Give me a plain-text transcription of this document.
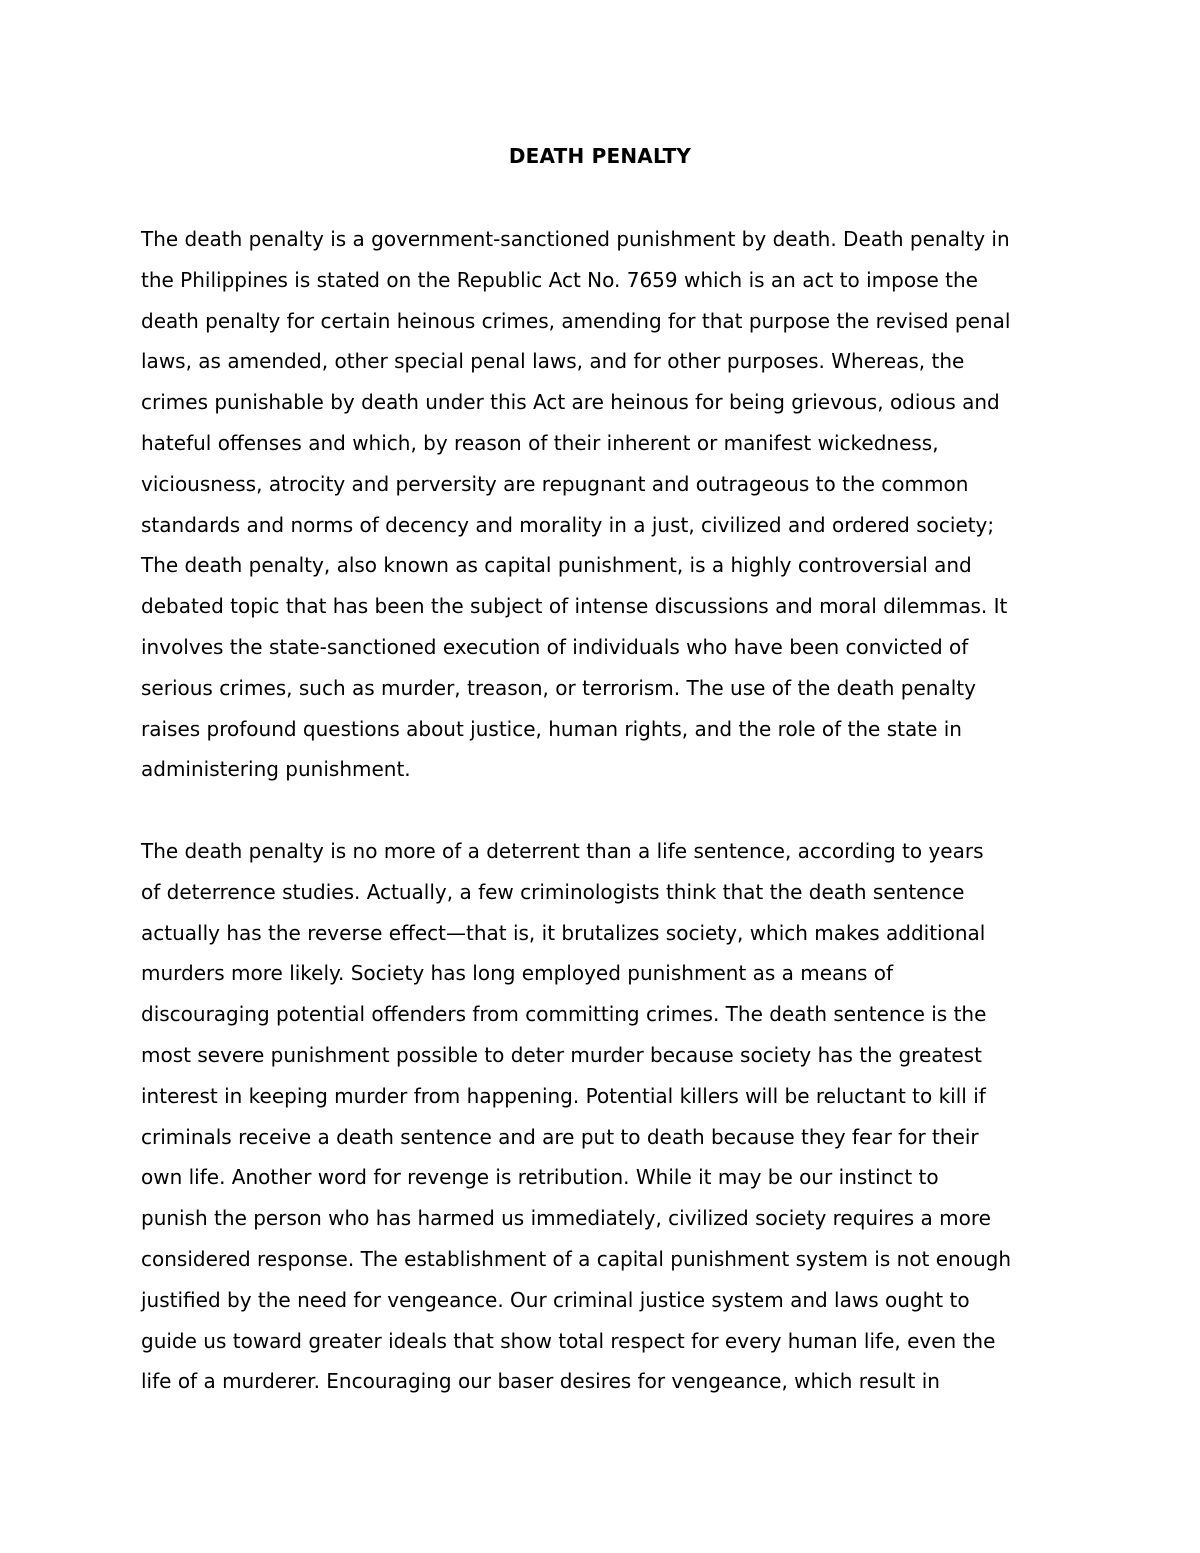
DEATH PENALTY
The death penalty is a government-sanctioned punishment by death. Death penalty in
the Philippines is stated on the Republic Act No. 7659 which is an act to impose the
death penalty for certain heinous crimes, amending for that purpose the revised penal
laws, as amended, other special penal laws, and for other purposes. Whereas, the
crimes punishable by death under this Act are heinous for being grievous, odious and
hateful offenses and which, by reason of their inherent or manifest wickedness,
viciousness, atrocity and perversity are repugnant and outrageous to the common
standards and norms of decency and morality in a just, civilized and ordered society;
The death penalty, also known as capital punishment, is a highly controversial and
debated topic that has been the subject of intense discussions and moral dilemmas. It
involves the state-sanctioned execution of individuals who have been convicted of
serious crimes, such as murder, treason, or terrorism. The use of the death penalty
raises profound questions about justice, human rights, and the role of the state in
administering punishment.
The death penalty is no more of a deterrent than a life sentence, according to years
of deterrence studies. Actually, a few criminologists think that the death sentence
actually has the reverse effect—that is, it brutalizes society, which makes additional
murders more likely. Society has long employed punishment as a means of
discouraging potential offenders from committing crimes. The death sentence is the
most severe punishment possible to deter murder because society has the greatest
interest in keeping murder from happening. Potential killers will be reluctant to kill if
criminals receive a death sentence and are put to death because they fear for their
own life. Another word for revenge is retribution. While it may be our instinct to
punish the person who has harmed us immediately, civilized society requires a more
considered response. The establishment of a capital punishment system is not enough
justified by the need for vengeance. Our criminal justice system and laws ought to
guide us toward greater ideals that show total respect for every human life, even the
life of a murderer. Encouraging our baser desires for vengeance, which result in
